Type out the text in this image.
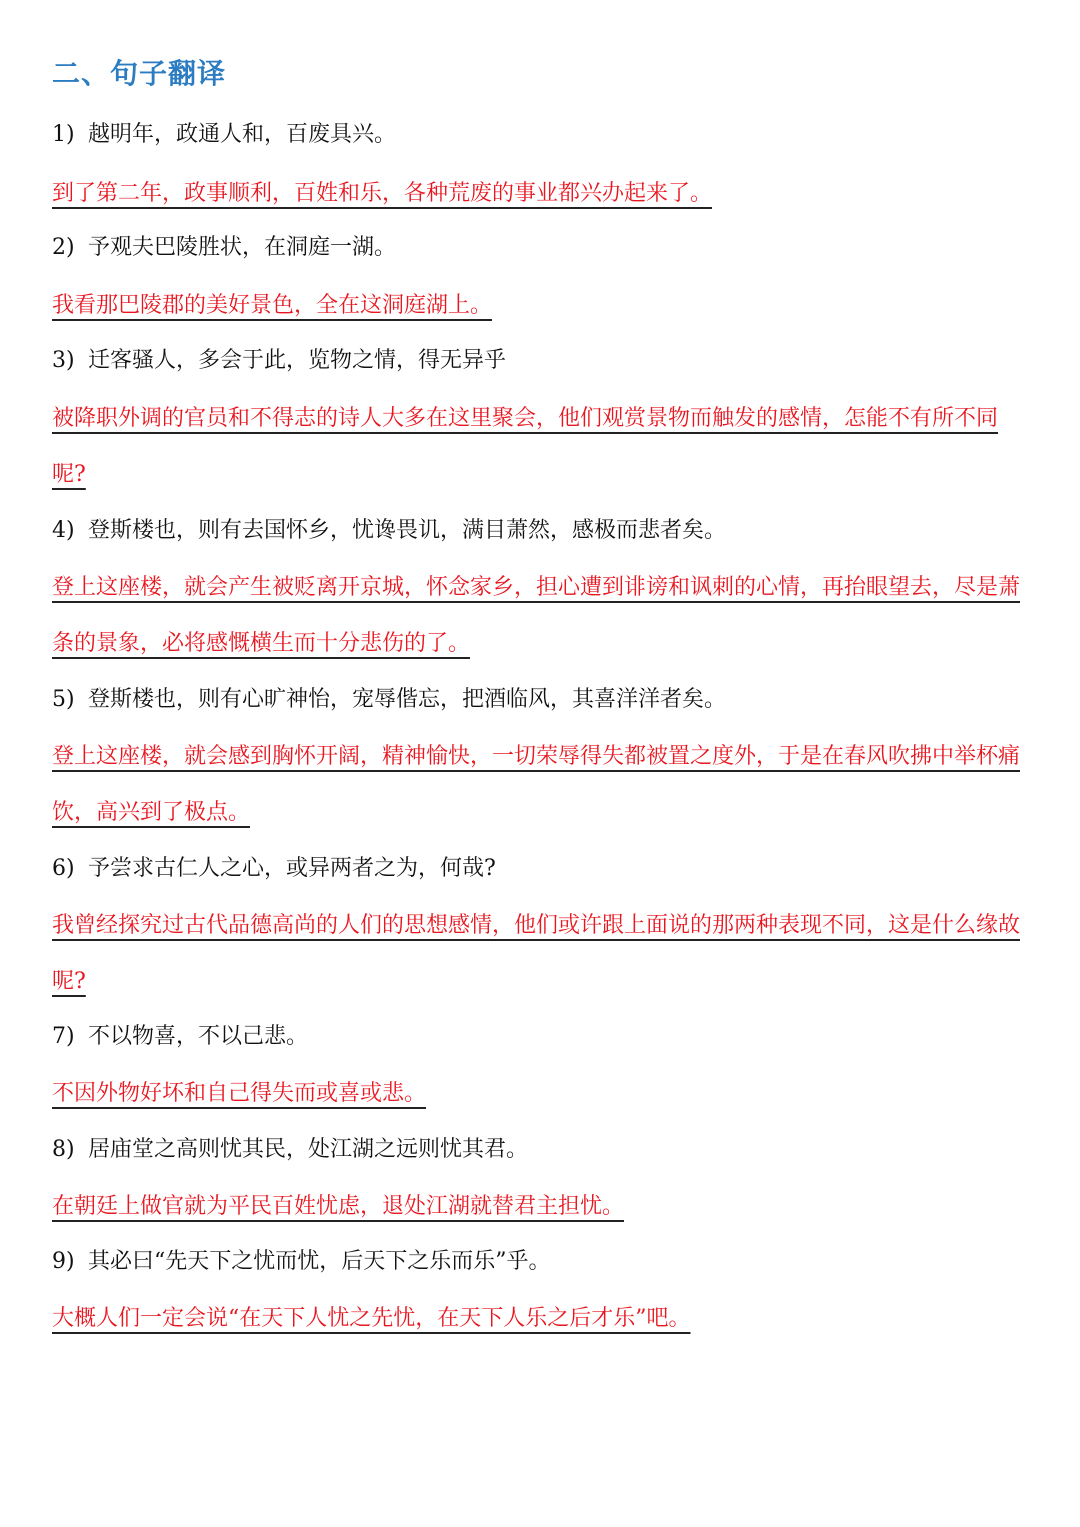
二、句子翻译
1) 越明年，政通人和，百废具兴。
到了第二年，政事顺利，百姓和乐，各种荒废的事业都兴办起来了。
2) 予观夫巴陵胜状，在洞庭一湖。
我看那巴陵郡的美好景色，全在这洞庭湖上。
3) 迁客骚人，多会于此，览物之情，得无异乎
被降职外调的官员和不得志的诗人大多在这里聚会，他们观赏景物而触发的感情，怎能不有所不同呢?
4) 登斯楼也，则有去国怀乡，忧谗畏讥，满目萧然，感极而悲者矣。
登上这座楼，就会产生被贬离开京城，怀念家乡，担心遭到诽谤和讽刺的心情，再抬眼望去，尽是萧条的景象，必将感慨横生而十分悲伤的了。
5) 登斯楼也，则有心旷神怡，宠辱偕忘，把酒临风，其喜洋洋者矣。
登上这座楼，就会感到胸怀开阔，精神愉快，一切荣辱得失都被置之度外，于是在春风吹拂中举杯痛饮，高兴到了极点。
6) 予尝求古仁人之心，或异两者之为，何哉?
我曾经探究过古代品德高尚的人们的思想感情，他们或许跟上面说的那两种表现不同，这是什么缘故呢?
7) 不以物喜，不以己悲。
不因外物好坏和自己得失而或喜或悲。
8) 居庙堂之高则忧其民，处江湖之远则忧其君。
在朝廷上做官就为平民百姓忧虑，退处江湖就替君主担忧。
9) 其必曰“先天下之忧而忧，后天下之乐而乐”乎。
大概人们一定会说“在天下人忧之先忧，在天下人乐之后才乐”吧。
